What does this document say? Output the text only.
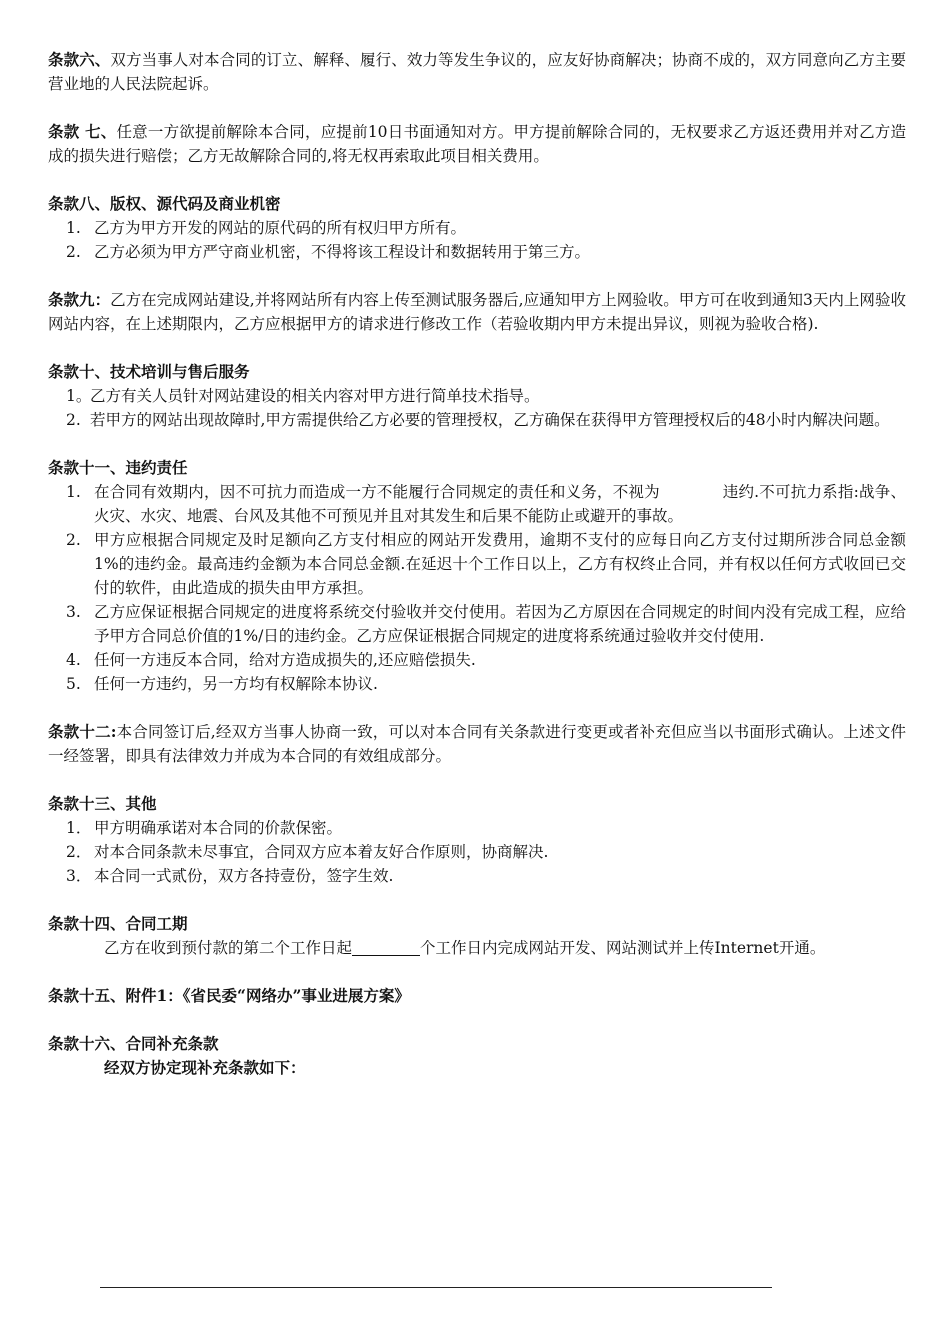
条款六、双方当事人对本合同的订立、解释、履行、效力等发生争议的，应友好协商解决；协商不成的，双方同意向乙方主要营业地的人民法院起诉。

条款 七、任意一方欲提前解除本合同，应提前10日书面通知对方。甲方提前解除合同的，无权要求乙方返还费用并对乙方造成的损失进行赔偿；乙方无故解除合同的,将无权再索取此项目相关费用。

条款八、版权、源代码及商业机密
1. 乙方为甲方开发的网站的原代码的所有权归甲方所有。
2. 乙方必须为甲方严守商业机密，不得将该工程设计和数据转用于第三方。

条款九：乙方在完成网站建设,并将网站所有内容上传至测试服务器后,应通知甲方上网验收。甲方可在收到通知3天内上网验收网站内容，在上述期限内，乙方应根据甲方的请求进行修改工作（若验收期内甲方未提出异议，则视为验收合格).

条款十、技术培训与售后服务
1。
乙方有关人员针对网站建设的相关内容对甲方进行简单技术指导。
2. 若甲方的网站出现故障时,甲方需提供给乙方必要的管理授权，乙方确保在获得甲方管理授权后的48小时内解决问题。
条款十一、违约责任
1. 在合同有效期内，因不可抗力而造成一方不能履行合同规定的责任和义务，不视为　　　　违约.不可抗力系指:战争、火灾、水灾、地震、台风及其他不可预见并且对其发生和后果不能防止或避开的事故。
2. 甲方应根据合同规定及时足额向乙方支付相应的网站开发费用，逾期不支付的应每日向乙方支付过期所涉合同总金额1%的违约金。最高违约金额为本合同总金额.在延迟十个工作日以上，乙方有权终止合同，并有权以任何方式收回已交付的软件，由此造成的损失由甲方承担。
3. 乙方应保证根据合同规定的进度将系统交付验收并交付使用。若因为乙方原因在合同规定的时间内没有完成工程，应给予甲方合同总价值的1%/日的违约金。乙方应保证根据合同规定的进度将系统通过验收并交付使用.
4. 任何一方违反本合同，给对方造成损失的,还应赔偿损失.
5. 任何一方违约，另一方均有权解除本协议.

条款十二:本合同签订后,经双方当事人协商一致，可以对本合同有关条款进行变更或者补充但应当以书面形式确认。上述文件一经签署，即具有法律效力并成为本合同的有效组成部分。

条款十三、其他
1． 甲方明确承诺对本合同的价款保密。
2． 对本合同条款未尽事宜，合同双方应本着友好合作原则，协商解决.
3． 本合同一式贰份，双方各持壹份，签字生效.
条款十四、合同工期

乙方在收到预付款的第二个工作日起	个工作日内完成网站开发、网站测试并上传Internet开通。

条款十五、附件1：《省民委“网络办”事业进展方案》
条款十六、合同补充条款
经双方协定现补充条款如下：
